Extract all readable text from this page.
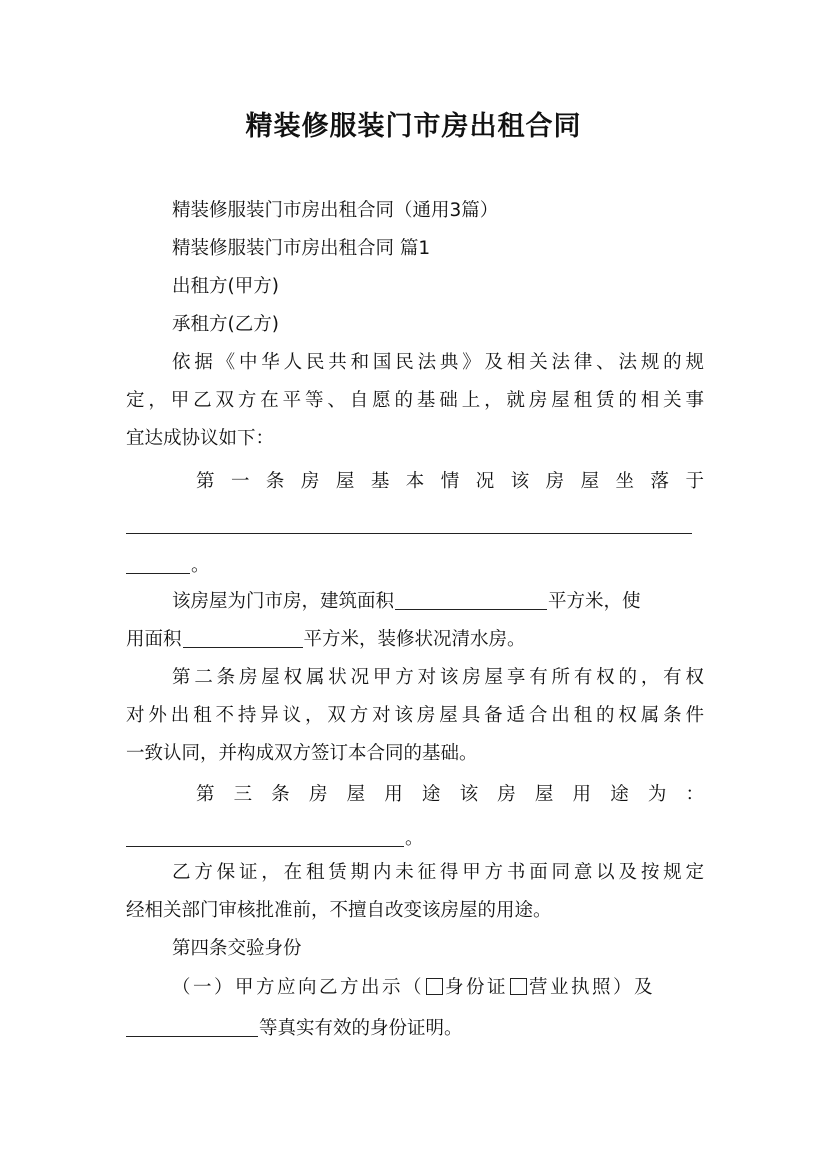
精装修服装门市房出租合同
精装修服装门市房出租合同（通用3篇）
精装修服装门市房出租合同 篇1
出租方(甲方)
承租方(乙方)
依据《中华人民共和国民法典》及相关法律、法规的规
定，甲乙双方在平等、自愿的基础上，就房屋租赁的相关事
宜达成协议如下：
第 一 条 房 屋 基 本 情 况 该 房 屋 坐 落 于
。
该房屋为门市房，建筑面积	平方米，使
用面积	平方米，装修状况清水房。
第二条房屋权属状况甲方对该房屋享有所有权的，有权
对外出租不持异议，双方对该房屋具备适合出租的权属条件
一致认同，并构成双方签订本合同的基础。
第 三 条 房 屋 用 途 该 房 屋 用 途 为 ：
。
乙方保证，在租赁期内未征得甲方书面同意以及按规定
经相关部门审核批准前，不擅自改变该房屋的用途。
第四条交验身份
（一）甲方应向乙方出示（ 身份证 营业执照）及
等真实有效的身份证明。
